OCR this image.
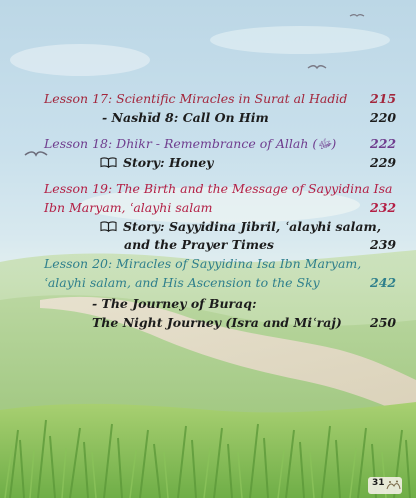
Lesson 17: Scientific Miracles in Surat al Hadid 215
- Nashīd 8: Call On Him	220
Lesson 18: Dhikr - Remembrance of Allah (ﷻ)	222
Story: Honey	229
Lesson 19: The Birth and the Message of Sayyidina Isa
Ibn Maryam, ʿalayhi salam	232
Story: Sayyidina Jibril, ʿalayhi salam,
and the Prayer Times	239
Lesson 20: Miracles of Sayyidina Isa Ibn Maryam,
ʿalayhi salam, and His Ascension to the Sky	242
- The Journey of Buraq:
The Night Journey (Isra and Miʿraj) 250
31
